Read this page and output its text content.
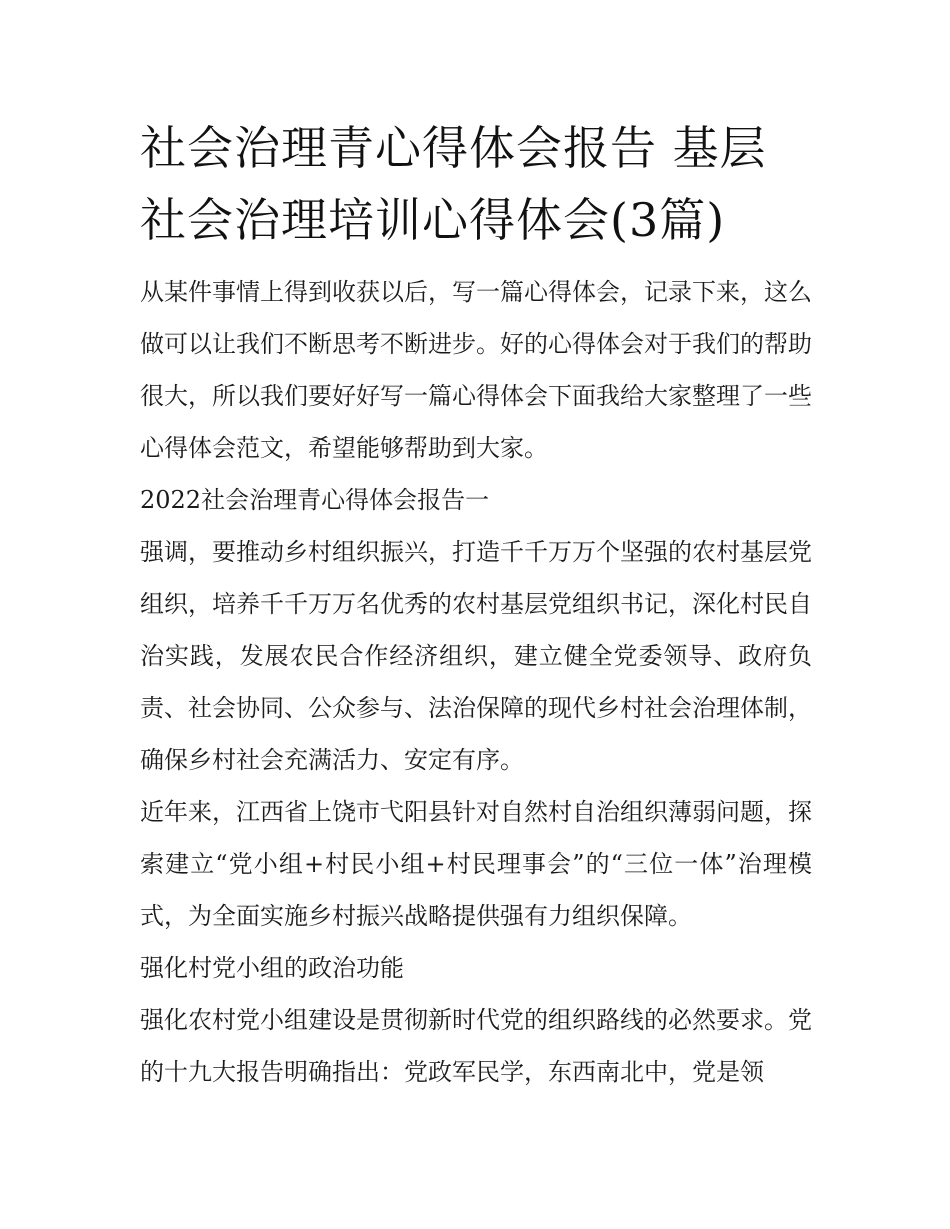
社会治理青心得体会报告 基层社会治理培训心得体会(3篇)

从某件事情上得到收获以后，写一篇心得体会，记录下来，这么做可以让我们不断思考不断进步。好的心得体会对于我们的帮助很大，所以我们要好好写一篇心得体会下面我给大家整理了一些心得体会范文，希望能够帮助到大家。

2022社会治理青心得体会报告一

强调，要推动乡村组织振兴，打造千千万万个坚强的农村基层党组织，培养千千万万名优秀的农村基层党组织书记，深化村民自治实践，发展农民合作经济组织，建立健全党委领导、政府负责、社会协同、公众参与、法治保障的现代乡村社会治理体制，确保乡村社会充满活力、安定有序。

近年来，江西省上饶市弋阳县针对自然村自治组织薄弱问题，探索建立“党小组+村民小组+村民理事会”的“三位一体”治理模式，为全面实施乡村振兴战略提供强有力组织保障。

强化村党小组的政治功能

强化农村党小组建设是贯彻新时代党的组织路线的必然要求。党的十九大报告明确指出：党政军民学，东西南北中，党是领
